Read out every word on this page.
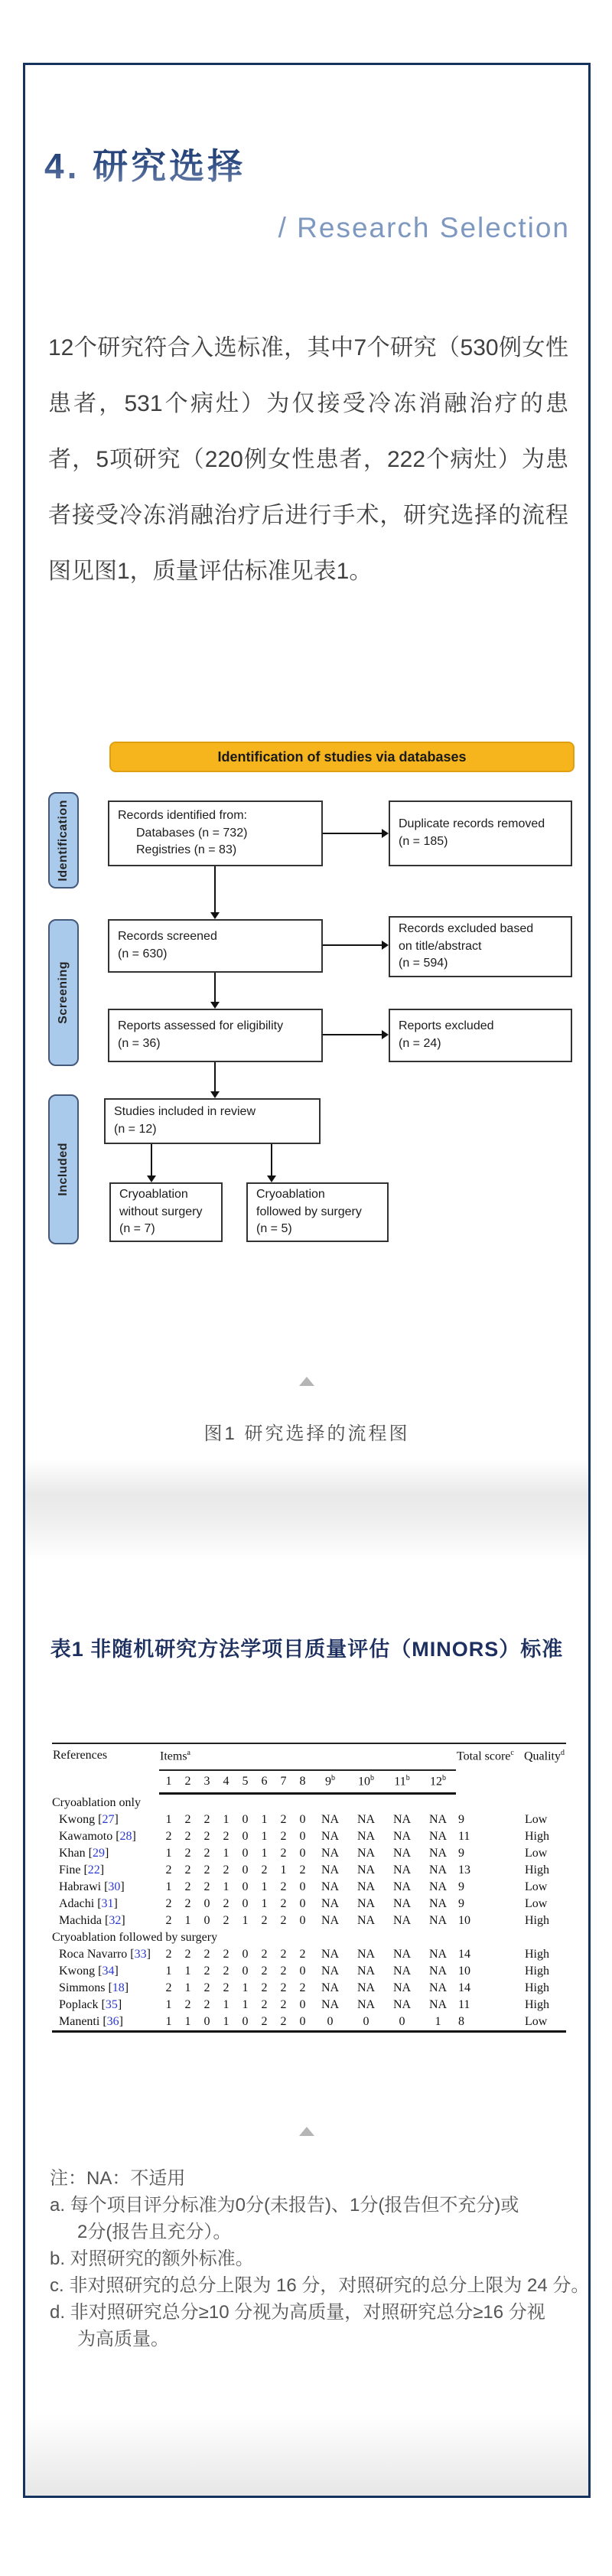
4. 研究选择
/ Research Selection

12个研究符合入选标准，其中7个研究（530例女性患者，531个病灶）为仅接受冷冻消融治疗的患者，5项研究（220例女性患者，222个病灶）为患者接受冷冻消融治疗后进行手术，研究选择的流程图见图1，质量评估标准见表1。

Identification of studies via databases
Identification
Screening
Included
Records identified from:
Databases (n = 732)
Registries (n = 83)
Duplicate records removed
(n = 185)
Records screened
(n = 630)
Records excluded based
on title/abstract
(n = 594)
Reports assessed for eligibility
(n = 36)
Reports excluded
(n = 24)
Studies included in review
(n = 12)
Cryoablation
without surgery
(n = 7)
Cryoablation
followed by surgery
(n = 5)
图1 研究选择的流程图
表1 非随机研究方法学项目质量评估（MINORS）标准
References	Items$^a$												Total score$^c$	Quality$^d$
	1	2	3	4	5	6	7	8	9$^b$	10$^b$	11$^b$	12$^b$
Cryoablation only														
Kwong [27]	1	2	2	1	0	1	2	0	NA	NA	NA	NA	9	Low
Kawamoto [28]	2	2	2	2	0	1	2	0	NA	NA	NA	NA	11	High
Khan [29]	1	2	2	1	0	1	2	0	NA	NA	NA	NA	9	Low
Fine [22]	2	2	2	2	0	2	1	2	NA	NA	NA	NA	13	High
Habrawi [30]	1	2	2	1	0	1	2	0	NA	NA	NA	NA	9	Low
Adachi [31]	2	2	0	2	0	1	2	0	NA	NA	NA	NA	9	Low
Machida [32]	2	1	0	2	1	2	2	0	NA	NA	NA	NA	10	High
Cryoablation followed by surgery														
Roca Navarro [33]	2	2	2	2	0	2	2	2	NA	NA	NA	NA	14	High
Kwong [34]	1	1	2	2	0	2	2	0	NA	NA	NA	NA	10	High
Simmons [18]	2	1	2	2	1	2	2	2	NA	NA	NA	NA	14	High
Poplack [35]	1	2	2	1	1	2	2	0	NA	NA	NA	NA	11	High
Manenti [36]	1	1	0	1	0	2	2	0	0	0	0	1	8	Low
注：NA：不适用
a. 每个项目评分标准为0分(未报告)、1分(报告但不充分)或
2分(报告且充分）。
b. 对照研究的额外标准。
c. 非对照研究的总分上限为 16 分，对照研究的总分上限为 24 分。
d. 非对照研究总分≥10 分视为高质量，对照研究总分≥16 分视
为高质量。
